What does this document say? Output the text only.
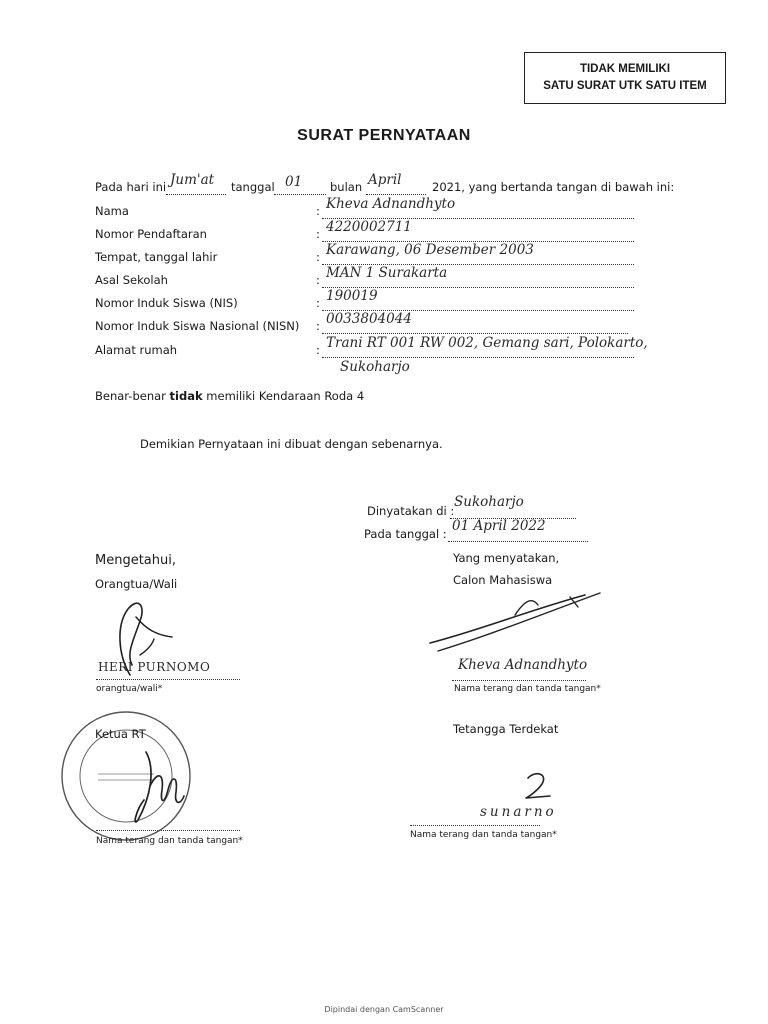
TIDAK MEMILIKI
SATU SURAT UTK SATU ITEM
SURAT PERNYATAAN
Pada hari ini Jum'at tanggal 01 bulan April	2021, yang bertanda tangan di bawah ini:
Nama	: Kheva Adnandhyto
Nomor Pendaftaran	: 4220002711
Tempat, tanggal lahir	: Karawang, 06 Desember 2003
Asal Sekolah	: MAN 1 Surakarta
Nomor Induk Siswa (NIS)	: 190019
Nomor Induk Siswa Nasional (NISN) : 0033804044
Alamat rumah	: Trani RT 001 RW 002, Gemang sari, Polokarto,
Sukoharjo
Benar-benar tidak memiliki Kendaraan Roda 4
Demikian Pernyataan ini dibuat dengan sebenarnya.
Dinyatakan di :
Sukoharjo
Pada tanggal : 01 April 2022
Yang menyatakan,
Calon Mahasiswa
Kheva Adnandhyto
Nama terang dan tanda tangan*
Tetangga Terdekat
sunarno
Nama terang dan tanda tangan*
Mengetahui,
Orangtua/Wali
HERI PURNOMO
orangtua/wali*
Ketua RT
Nama terang dan tanda tangan*
Dipindai dengan CamScanner
